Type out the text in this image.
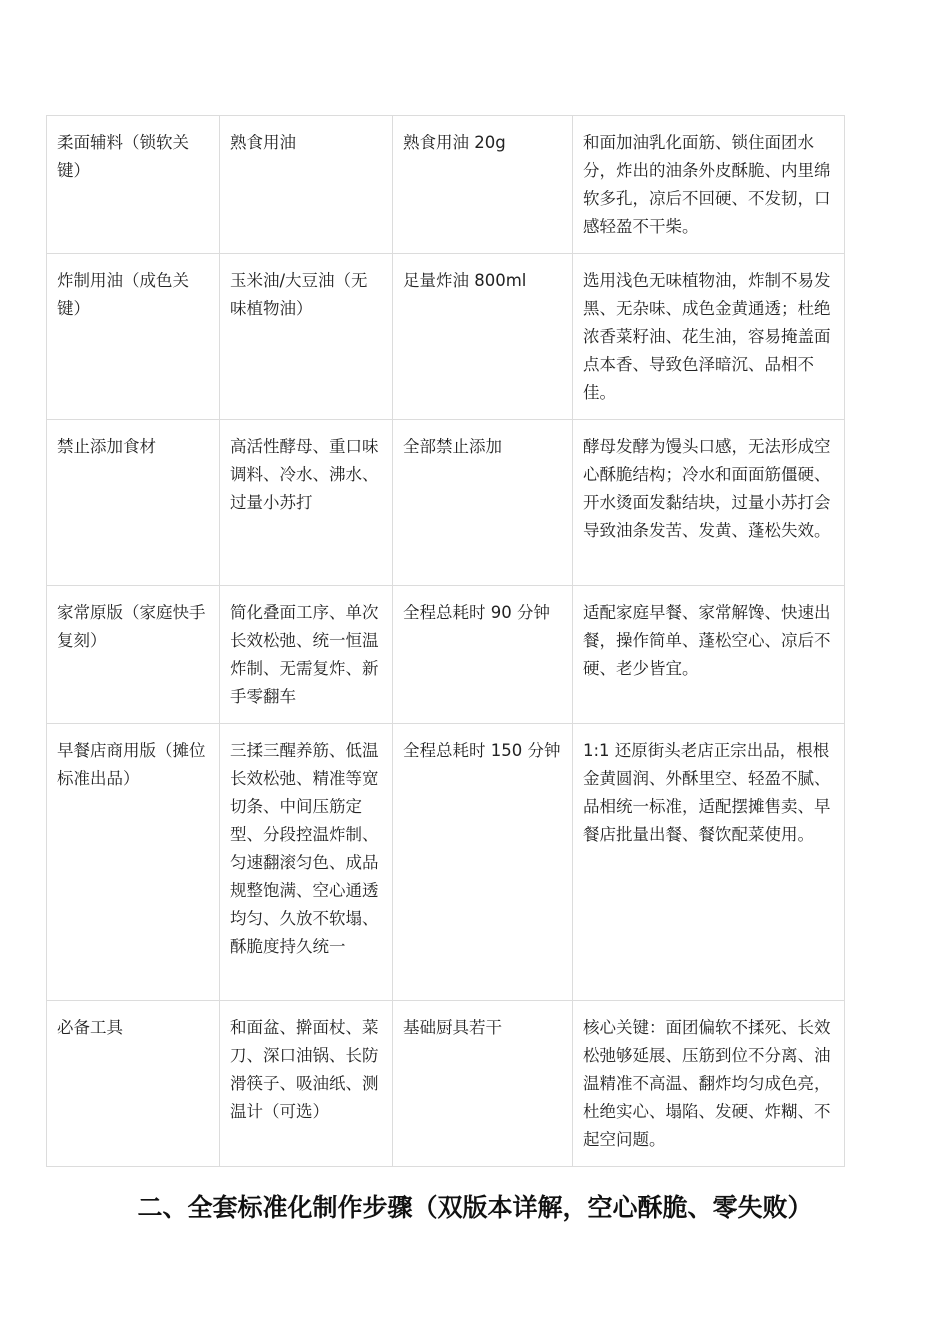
柔面辅料（锁软关键）	熟食用油	熟食用油 20g	和面加油乳化面筋、锁住面团水分，炸出的油条外皮酥脆、内里绵软多孔，凉后不回硬、不发韧，口感轻盈不干柴。
炸制用油（成色关键）	玉米油/大豆油（无味植物油）	足量炸油 800ml	选用浅色无味植物油，炸制不易发黑、无杂味、成色金黄通透；杜绝浓香菜籽油、花生油，容易掩盖面点本香、导致色泽暗沉、品相不佳。
禁止添加食材	高活性酵母、重口味调料、冷水、沸水、过量小苏打	全部禁止添加	酵母发酵为馒头口感，无法形成空心酥脆结构；冷水和面面筋僵硬、开水烫面发黏结块，过量小苏打会导致油条发苦、发黄、蓬松失效。
家常原版（家庭快手复刻）	简化叠面工序、单次长效松弛、统一恒温炸制、无需复炸、新手零翻车	全程总耗时 90 分钟	适配家庭早餐、家常解馋、快速出餐，操作简单、蓬松空心、凉后不硬、老少皆宜。
早餐店商用版（摊位标准出品）	三揉三醒养筋、低温长效松弛、精准等宽切条、中间压筋定型、分段控温炸制、匀速翻滚匀色、成品规整饱满、空心通透均匀、久放不软塌、酥脆度持久统一	全程总耗时 150 分钟	1:1 还原街头老店正宗出品，根根金黄圆润、外酥里空、轻盈不腻、品相统一标准，适配摆摊售卖、早餐店批量出餐、餐饮配菜使用。
必备工具	和面盆、擀面杖、菜刀、深口油锅、长防滑筷子、吸油纸、测温计（可选）	基础厨具若干	核心关键：面团偏软不揉死、长效松弛够延展、压筋到位不分离、油温精准不高温、翻炸均匀成色亮，杜绝实心、塌陷、发硬、炸糊、不起空问题。
二、全套标准化制作步骤（双版本详解，空心酥脆、零失败）
